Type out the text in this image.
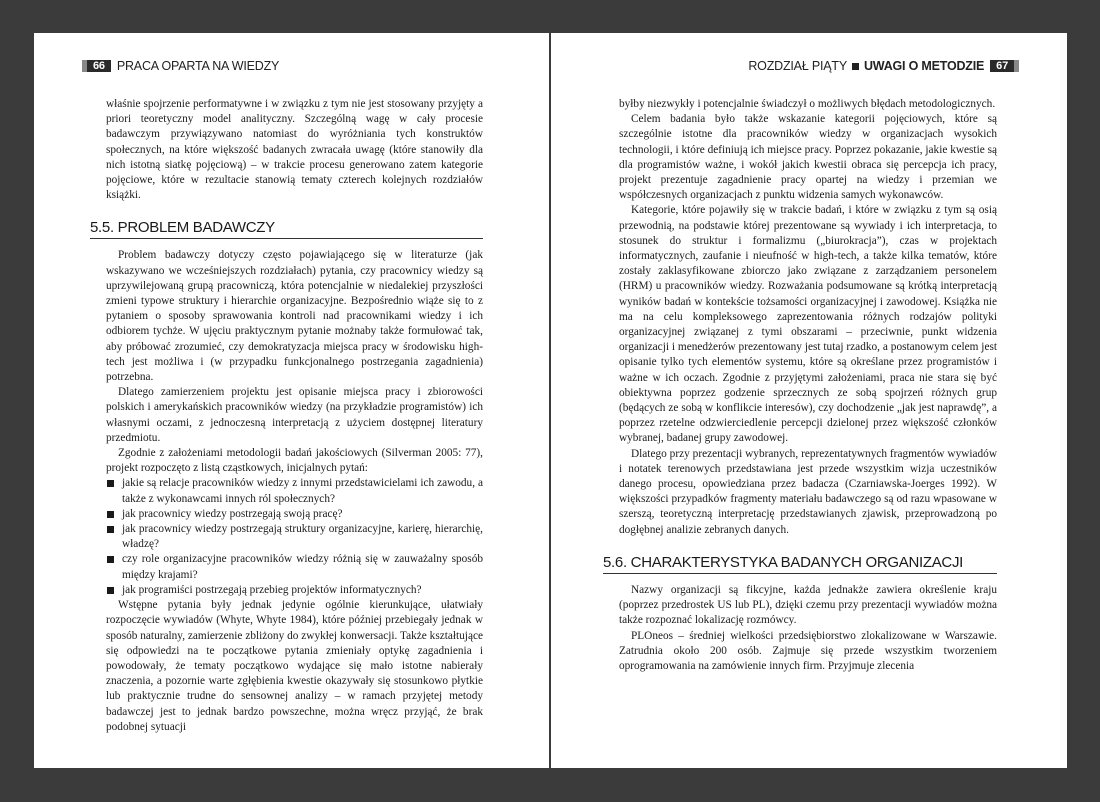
66 PRACA OPARTA NA WIEDZY

właśnie spojrzenie performatywne i w związku z tym nie jest stosowany przyjęty a priori teoretyczny model analityczny. Szczególną wagę w cały procesie badawczym przywiązywano natomiast do wyróżniania tych konstruktów społecznych, na które większość badanych zwracała uwagę (które stanowiły dla nich istotną siatkę pojęciową) – w trakcie procesu generowano zatem kategorie pojęciowe, które w rezultacie stanowią tematy czterech kolejnych rozdziałów książki.

5.5. PROBLEM BADAWCZY

Problem badawczy dotyczy często pojawiającego się w literaturze (jak wskazywano we wcześniejszych rozdziałach) pytania, czy pracownicy wiedzy są uprzywilejowaną grupą pracowniczą, która potencjalnie w niedalekiej przyszłości zmieni typowe struktury i hierarchie organizacyjne. Bezpośrednio wiąże się to z pytaniem o sposoby sprawowania kontroli nad pracownikami wiedzy i ich odbiorem tychże. W ujęciu praktycznym pytanie możnaby także formułować tak, aby próbować zrozumieć, czy demokratyzacja miejsca pracy w środowisku high-tech jest możliwa i (w przypadku funkcjonalnego postrzegania zagadnienia) potrzebna.

Dlatego zamierzeniem projektu jest opisanie miejsca pracy i zbiorowości polskich i amerykańskich pracowników wiedzy (na przykładzie programistów) ich własnymi oczami, z jednoczesną interpretacją z użyciem dostępnej literatury przedmiotu.

Zgodnie z założeniami metodologii badań jakościowych (Silverman 2005: 77), projekt rozpoczęto z listą cząstkowych, inicjalnych pytań:

jakie są relacje pracowników wiedzy z innymi przedstawicielami ich zawodu, a także z wykonawcami innych ról społecznych?
jak pracownicy wiedzy postrzegają swoją pracę?
jak pracownicy wiedzy postrzegają struktury organizacyjne, karierę, hierarchię, władzę?
czy role organizacyjne pracowników wiedzy różnią się w zauważalny sposób między krajami?
jak programiści postrzegają przebieg projektów informatycznych?

Wstępne pytania były jednak jedynie ogólnie kierunkujące, ułatwiały rozpoczęcie wywiadów (Whyte, Whyte 1984), które później przebiegały jednak w sposób naturalny, zamierzenie zbliżony do zwykłej konwersacji. Także kształtujące się odpowiedzi na te początkowe pytania zmieniały optykę zagadnienia i powodowały, że tematy początkowo wydające się mało istotne nabierały znaczenia, a pozornie warte zgłębienia kwestie okazywały się stosunkowo płytkie lub praktycznie trudne do sensownej analizy – w ramach przyjętej metody badawczej jest to jednak bardzo powszechne, można wręcz przyjąć, że brak podobnej sytuacji

ROZDZIAŁ PIĄTY UWAGI O METODZIE	67

byłby niezwykły i potencjalnie świadczył o możliwych błędach metodologicznych.

Celem badania było także wskazanie kategorii pojęciowych, które są szczególnie istotne dla pracowników wiedzy w organizacjach wysokich technologii, i które definiują ich miejsce pracy. Poprzez pokazanie, jakie kwestie są dla programistów ważne, i wokół jakich kwestii obraca się percepcja ich pracy, projekt prezentuje zagadnienie pracy opartej na wiedzy i przemian we współczesnych organizacjach z punktu widzenia samych wykonawców.

Kategorie, które pojawiły się w trakcie badań, i które w związku z tym są osią przewodnią, na podstawie której prezentowane są wywiady i ich interpretacja, to stosunek do struktur i formalizmu („biurokracja”), czas w projektach informatycznych, zaufanie i nieufność w high-tech, a także kilka tematów, które zostały zaklasyfikowane zbiorczo jako związane z zarządzaniem personelem (HRM) u pracowników wiedzy. Rozważania podsumowane są krótką interpretacją wyników badań w kontekście tożsamości organizacyjnej i zawodowej. Książka nie ma na celu kompleksowego zaprezentowania różnych rodzajów polityki organizacyjnej związanej z tymi obszarami – przeciwnie, punkt widzenia organizacji i menedżerów prezentowany jest tutaj rzadko, a postanowym celem jest opisanie tylko tych elementów systemu, które są określane przez programistów i ważne w ich oczach. Zgodnie z przyjętymi założeniami, praca nie stara się być obiektywna poprzez godzenie sprzecznych ze sobą spojrzeń różnych grup (będących ze sobą w konflikcie interesów), czy dochodzenie „jak jest naprawdę”, a poprzez rzetelne odzwierciedlenie percepcji dzielonej przez większość członków wybranej, badanej grupy zawodowej.

Dlatego przy prezentacji wybranych, reprezentatywnych fragmentów wywiadów i notatek terenowych przedstawiana jest przede wszystkim wizja uczestników danego procesu, opowiedziana przez badacza (Czarniawska-Joerges 1992). W większości przypadków fragmenty materiału badawczego są od razu wpasowane w szerszą, teoretyczną interpretację przedstawianych zjawisk, przeprowadzoną po dogłębnej analizie zebranych danych.

5.6. CHARAKTERYSTYKA BADANYCH ORGANIZACJI

Nazwy organizacji są fikcyjne, każda jednakże zawiera określenie kraju (poprzez przedrostek US lub PL), dzięki czemu przy prezentacji wywiadów można także rozpoznać lokalizację rozmówcy.

PLOneos – średniej wielkości przedsiębiorstwo zlokalizowane w Warszawie. Zatrudnia około 200 osób. Zajmuje się przede wszystkim tworzeniem oprogramowania na zamówienie innych firm. Przyjmuje zlecenia
